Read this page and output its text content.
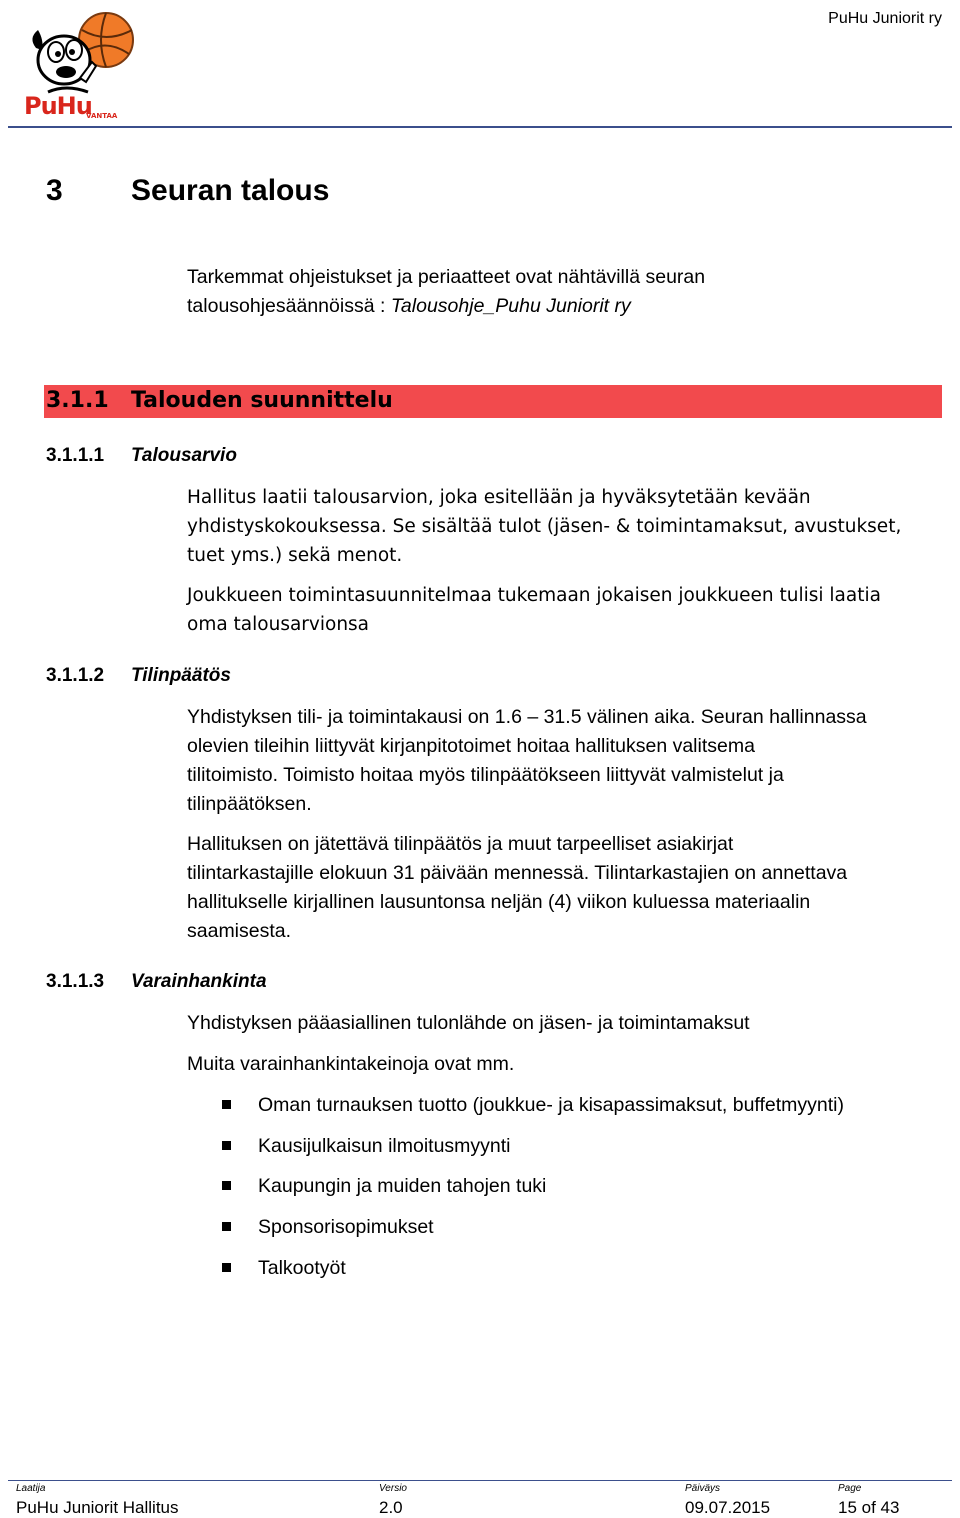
PuHu
VANTAA
PuHu Juniorit ry
3 Seuran talous
Tarkemmat ohjeistukset ja periaatteet ovat nähtävillä seuran
talousohjesäännöissä : Talousohje_Puhu Juniorit ry
3.1.1 Talouden suunnittelu
3.1.1.1 Talousarvio
Hallitus laatii talousarvion, joka esitellään ja hyväksytetään kevään
yhdistyskokouksessa. Se sisältää tulot (jäsen- & toimintamaksut, avustukset,
tuet yms.) sekä menot.
Joukkueen toimintasuunnitelmaa tukemaan jokaisen joukkueen tulisi laatia
oma talousarvionsa
3.1.1.2 Tilinpäätös
Yhdistyksen tili- ja toimintakausi on 1.6 – 31.5 välinen aika. Seuran hallinnassa
olevien tileihin liittyvät kirjanpitotoimet hoitaa hallituksen valitsema
tilitoimisto. Toimisto hoitaa myös tilinpäätökseen liittyvät valmistelut ja
tilinpäätöksen.
Hallituksen on jätettävä tilinpäätös ja muut tarpeelliset asiakirjat
tilintarkastajille elokuun 31 päivään mennessä. Tilintarkastajien on annettava
hallitukselle kirjallinen lausuntonsa neljän (4) viikon kuluessa materiaalin
saamisesta.
3.1.1.3 Varainhankinta
Yhdistyksen pääasiallinen tulonlähde on jäsen- ja toimintamaksut
Muita varainhankintakeinoja ovat mm.
Oman turnauksen tuotto (joukkue- ja kisapassimaksut, buffetmyynti)
Kausijulkaisun ilmoitusmyynti
Kaupungin ja muiden tahojen tuki
Sponsorisopimukset
Talkootyöt
Laatija
PuHu Juniorit Hallitus
Versio
2.0
Päiväys
09.07.2015
Page
15 of 43
